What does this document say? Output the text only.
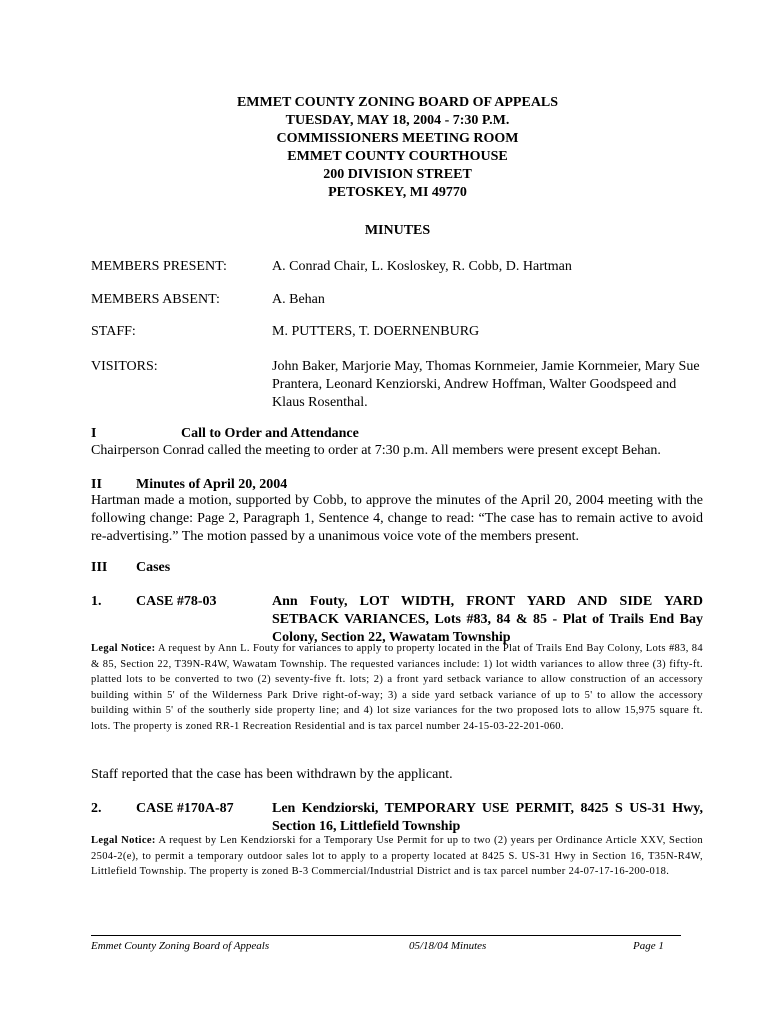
EMMET COUNTY ZONING BOARD OF APPEALS
TUESDAY, MAY 18, 2004 - 7:30 P.M.
COMMISSIONERS MEETING ROOM
EMMET COUNTY COURTHOUSE
200 DIVISION STREET
PETOSKEY, MI 49770
MINUTES
MEMBERS PRESENT:	A. Conrad Chair, L. Kosloskey, R. Cobb, D. Hartman
MEMBERS ABSENT:	A. Behan
STAFF:	M. PUTTERS, T. DOERNENBURG
VISITORS:	John Baker, Marjorie May, Thomas Kornmeier, Jamie Kornmeier, Mary Sue Prantera, Leonard Kenziorski, Andrew Hoffman, Walter Goodspeed and Klaus Rosenthal.
I	Call to Order and Attendance
Chairperson Conrad called the meeting to order at 7:30 p.m. All members were present except Behan.
II Minutes of April 20, 2004
Hartman made a motion, supported by Cobb, to approve the minutes of the April 20, 2004 meeting with the following change: Page 2, Paragraph 1, Sentence 4, change to read: “The case has to remain active to avoid re-advertising.” The motion passed by a unanimous voice vote of the members present.
III Cases
1. CASE #78-03	Ann Fouty, LOT WIDTH, FRONT YARD AND SIDE YARD SETBACK VARIANCES, Lots #83, 84 & 85 - Plat of Trails End Bay Colony, Section 22, Wawatam Township
Legal Notice: A request by Ann L. Fouty for variances to apply to property located in the Plat of Trails End Bay Colony, Lots #83, 84 & 85, Section 22, T39N-R4W, Wawatam Township. The requested variances include: 1) lot width variances to allow three (3) fifty-ft. platted lots to be converted to two (2) seventy-five ft. lots; 2) a front yard setback variance to allow construction of an accessory building within 5' of the Wilderness Park Drive right-of-way; 3) a side yard setback variance of up to 5' to allow the accessory building within 5' of the southerly side property line; and 4) lot size variances for the two proposed lots to allow 15,975 square ft. lots. The property is zoned RR-1 Recreation Residential and is tax parcel number 24-15-03-22-201-060.
Staff reported that the case has been withdrawn by the applicant.
2. CASE #170A-87	Len Kendziorski, TEMPORARY USE PERMIT, 8425 S US-31 Hwy, Section 16, Littlefield Township
Legal Notice: A request by Len Kendziorski for a Temporary Use Permit for up to two (2) years per Ordinance Article XXV, Section 2504-2(e), to permit a temporary outdoor sales lot to apply to a property located at 8425 S. US-31 Hwy in Section 16, T35N-R4W, Littlefield Township. The property is zoned B-3 Commercial/Industrial District and is tax parcel number 24-07-17-16-200-018.
Emmet County Zoning Board of Appeals	05/18/04 Minutes	Page 1
